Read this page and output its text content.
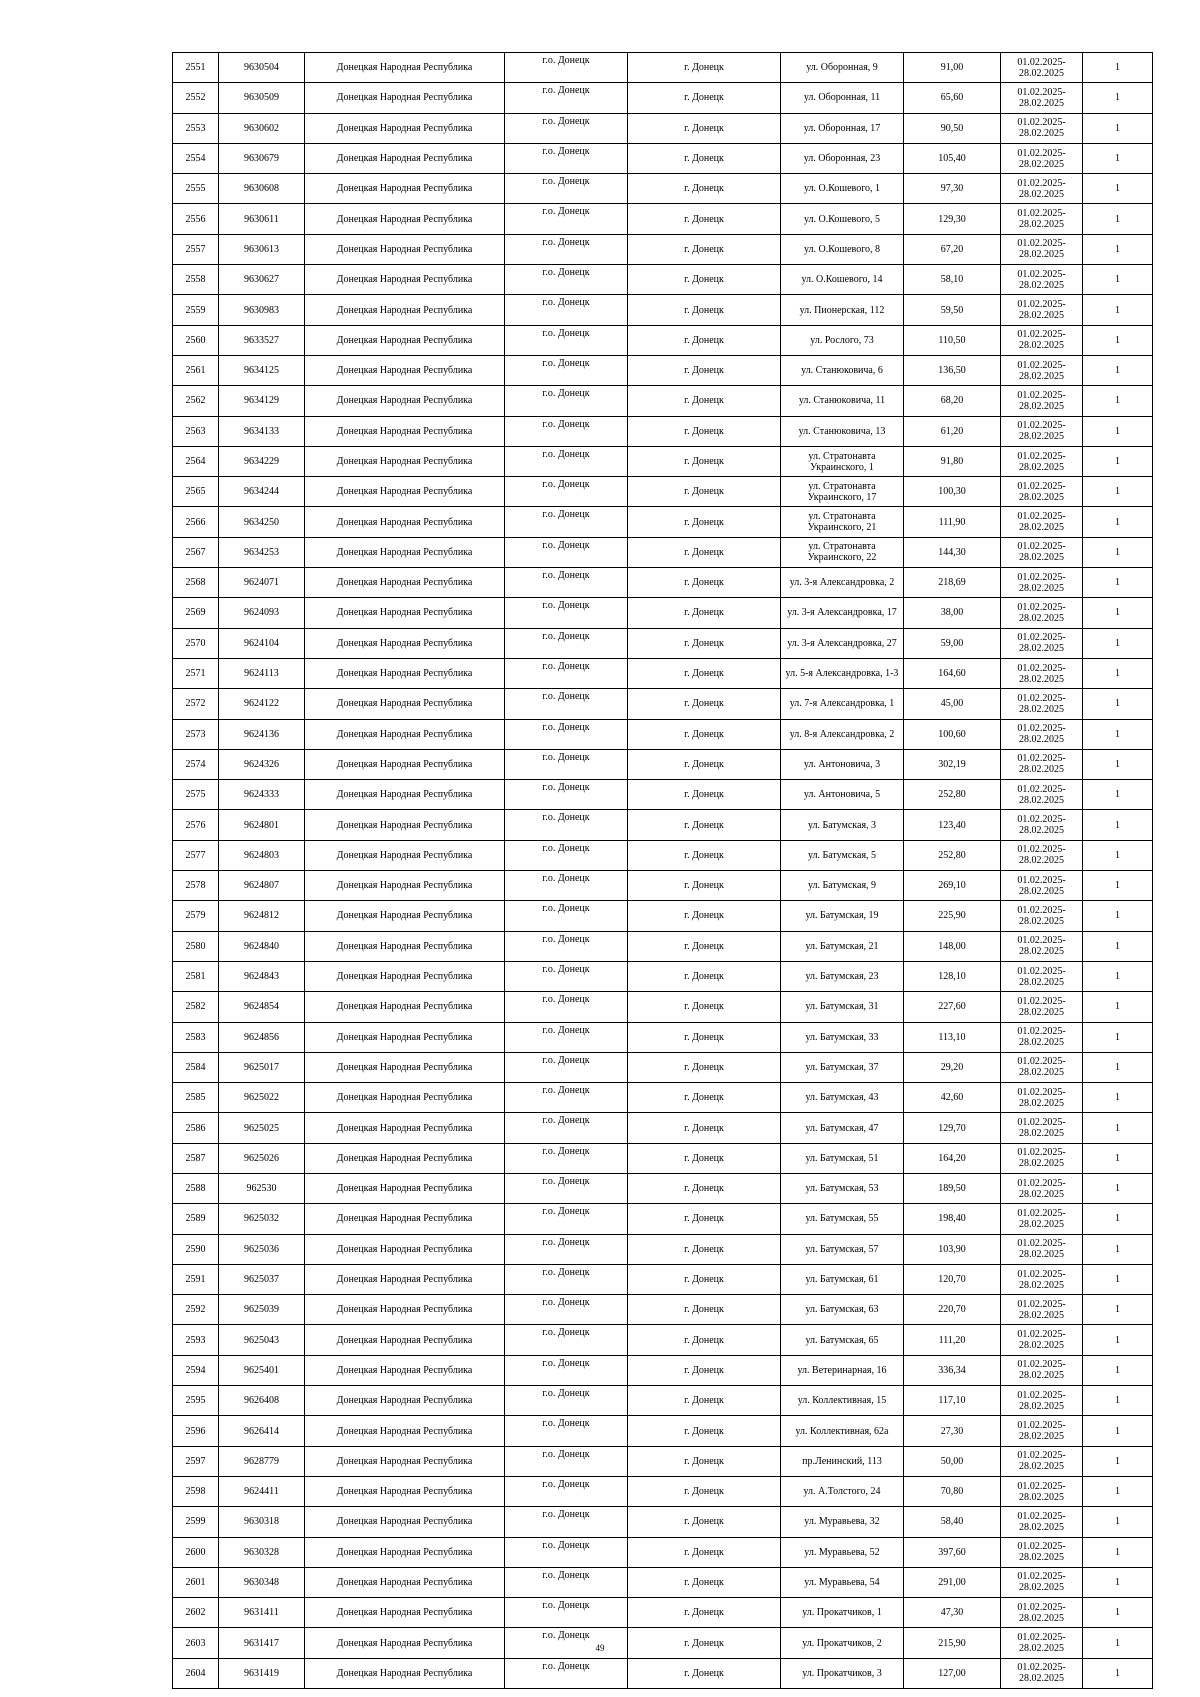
2551	9630504	Донецкая Народная Республика	г.о. Донецк	г. Донецк	ул. Оборонная, 9	91,00	01.02.2025-28.02.2025	1
2552	9630509	Донецкая Народная Республика	г.о. Донецк	г. Донецк	ул. Оборонная, 11	65,60	01.02.2025-28.02.2025	1
2553	9630602	Донецкая Народная Республика	г.о. Донецк	г. Донецк	ул. Оборонная, 17	90,50	01.02.2025-28.02.2025	1
2554	9630679	Донецкая Народная Республика	г.о. Донецк	г. Донецк	ул. Оборонная, 23	105,40	01.02.2025-28.02.2025	1
2555	9630608	Донецкая Народная Республика	г.о. Донецк	г. Донецк	ул. О.Кошевого, 1	97,30	01.02.2025-28.02.2025	1
2556	9630611	Донецкая Народная Республика	г.о. Донецк	г. Донецк	ул. О.Кошевого, 5	129,30	01.02.2025-28.02.2025	1
2557	9630613	Донецкая Народная Республика	г.о. Донецк	г. Донецк	ул. О.Кошевого, 8	67,20	01.02.2025-28.02.2025	1
2558	9630627	Донецкая Народная Республика	г.о. Донецк	г. Донецк	ул. О.Кошевого, 14	58,10	01.02.2025-28.02.2025	1
2559	9630983	Донецкая Народная Республика	г.о. Донецк	г. Донецк	ул. Пионерская, 112	59,50	01.02.2025-28.02.2025	1
2560	9633527	Донецкая Народная Республика	г.о. Донецк	г. Донецк	ул. Рослого, 73	110,50	01.02.2025-28.02.2025	1
2561	9634125	Донецкая Народная Республика	г.о. Донецк	г. Донецк	ул. Станюковича, 6	136,50	01.02.2025-28.02.2025	1
2562	9634129	Донецкая Народная Республика	г.о. Донецк	г. Донецк	ул. Станюковича, 11	68,20	01.02.2025-28.02.2025	1
2563	9634133	Донецкая Народная Республика	г.о. Донецк	г. Донецк	ул. Станюковича, 13	61,20	01.02.2025-28.02.2025	1
2564	9634229	Донецкая Народная Республика	г.о. Донецк	г. Донецк	ул. Стратонавта Украинского, 1	91,80	01.02.2025-28.02.2025	1
2565	9634244	Донецкая Народная Республика	г.о. Донецк	г. Донецк	ул. Стратонавта Украинского, 17	100,30	01.02.2025-28.02.2025	1
2566	9634250	Донецкая Народная Республика	г.о. Донецк	г. Донецк	ул. Стратонавта Украинского, 21	111,90	01.02.2025-28.02.2025	1
2567	9634253	Донецкая Народная Республика	г.о. Донецк	г. Донецк	ул. Стратонавта Украинского, 22	144,30	01.02.2025-28.02.2025	1
2568	9624071	Донецкая Народная Республика	г.о. Донецк	г. Донецк	ул. 3-я Александровка, 2	218,69	01.02.2025-28.02.2025	1
2569	9624093	Донецкая Народная Республика	г.о. Донецк	г. Донецк	ул. 3-я Александровка, 17	38,00	01.02.2025-28.02.2025	1
2570	9624104	Донецкая Народная Республика	г.о. Донецк	г. Донецк	ул. 3-я Александровка, 27	59,00	01.02.2025-28.02.2025	1
2571	9624113	Донецкая Народная Республика	г.о. Донецк	г. Донецк	ул. 5-я Александровка, 1-3	164,60	01.02.2025-28.02.2025	1
2572	9624122	Донецкая Народная Республика	г.о. Донецк	г. Донецк	ул. 7-я Александровка, 1	45,00	01.02.2025-28.02.2025	1
2573	9624136	Донецкая Народная Республика	г.о. Донецк	г. Донецк	ул. 8-я Александровка, 2	100,60	01.02.2025-28.02.2025	1
2574	9624326	Донецкая Народная Республика	г.о. Донецк	г. Донецк	ул. Антоновича, 3	302,19	01.02.2025-28.02.2025	1
2575	9624333	Донецкая Народная Республика	г.о. Донецк	г. Донецк	ул. Антоновича, 5	252,80	01.02.2025-28.02.2025	1
2576	9624801	Донецкая Народная Республика	г.о. Донецк	г. Донецк	ул. Батумская, 3	123,40	01.02.2025-28.02.2025	1
2577	9624803	Донецкая Народная Республика	г.о. Донецк	г. Донецк	ул. Батумская, 5	252,80	01.02.2025-28.02.2025	1
2578	9624807	Донецкая Народная Республика	г.о. Донецк	г. Донецк	ул. Батумская, 9	269,10	01.02.2025-28.02.2025	1
2579	9624812	Донецкая Народная Республика	г.о. Донецк	г. Донецк	ул. Батумская, 19	225,90	01.02.2025-28.02.2025	1
2580	9624840	Донецкая Народная Республика	г.о. Донецк	г. Донецк	ул. Батумская, 21	148,00	01.02.2025-28.02.2025	1
2581	9624843	Донецкая Народная Республика	г.о. Донецк	г. Донецк	ул. Батумская, 23	128,10	01.02.2025-28.02.2025	1
2582	9624854	Донецкая Народная Республика	г.о. Донецк	г. Донецк	ул. Батумская, 31	227,60	01.02.2025-28.02.2025	1
2583	9624856	Донецкая Народная Республика	г.о. Донецк	г. Донецк	ул. Батумская, 33	113,10	01.02.2025-28.02.2025	1
2584	9625017	Донецкая Народная Республика	г.о. Донецк	г. Донецк	ул. Батумская, 37	29,20	01.02.2025-28.02.2025	1
2585	9625022	Донецкая Народная Республика	г.о. Донецк	г. Донецк	ул. Батумская, 43	42,60	01.02.2025-28.02.2025	1
2586	9625025	Донецкая Народная Республика	г.о. Донецк	г. Донецк	ул. Батумская, 47	129,70	01.02.2025-28.02.2025	1
2587	9625026	Донецкая Народная Республика	г.о. Донецк	г. Донецк	ул. Батумская, 51	164,20	01.02.2025-28.02.2025	1
2588	962530	Донецкая Народная Республика	г.о. Донецк	г. Донецк	ул. Батумская, 53	189,50	01.02.2025-28.02.2025	1
2589	9625032	Донецкая Народная Республика	г.о. Донецк	г. Донецк	ул. Батумская, 55	198,40	01.02.2025-28.02.2025	1
2590	9625036	Донецкая Народная Республика	г.о. Донецк	г. Донецк	ул. Батумская, 57	103,90	01.02.2025-28.02.2025	1
2591	9625037	Донецкая Народная Республика	г.о. Донецк	г. Донецк	ул. Батумская, 61	120,70	01.02.2025-28.02.2025	1
2592	9625039	Донецкая Народная Республика	г.о. Донецк	г. Донецк	ул. Батумская, 63	220,70	01.02.2025-28.02.2025	1
2593	9625043	Донецкая Народная Республика	г.о. Донецк	г. Донецк	ул. Батумская, 65	111,20	01.02.2025-28.02.2025	1
2594	9625401	Донецкая Народная Республика	г.о. Донецк	г. Донецк	ул. Ветеринарная, 16	336,34	01.02.2025-28.02.2025	1
2595	9626408	Донецкая Народная Республика	г.о. Донецк	г. Донецк	ул. Коллективная, 15	117,10	01.02.2025-28.02.2025	1
2596	9626414	Донецкая Народная Республика	г.о. Донецк	г. Донецк	ул. Коллективная, 62а	27,30	01.02.2025-28.02.2025	1
2597	9628779	Донецкая Народная Республика	г.о. Донецк	г. Донецк	пр.Ленинский, 113	50,00	01.02.2025-28.02.2025	1
2598	9624411	Донецкая Народная Республика	г.о. Донецк	г. Донецк	ул. А.Толстого, 24	70,80	01.02.2025-28.02.2025	1
2599	9630318	Донецкая Народная Республика	г.о. Донецк	г. Донецк	ул. Муравьева, 32	58,40	01.02.2025-28.02.2025	1
2600	9630328	Донецкая Народная Республика	г.о. Донецк	г. Донецк	ул. Муравьева, 52	397,60	01.02.2025-28.02.2025	1
2601	9630348	Донецкая Народная Республика	г.о. Донецк	г. Донецк	ул. Муравьева, 54	291,00	01.02.2025-28.02.2025	1
2602	9631411	Донецкая Народная Республика	г.о. Донецк	г. Донецк	ул. Прокатчиков, 1	47,30	01.02.2025-28.02.2025	1
2603	9631417	Донецкая Народная Республика	г.о. Донецк	г. Донецк	ул. Прокатчиков, 2	215,90	01.02.2025-28.02.2025	1
2604	9631419	Донецкая Народная Республика	г.о. Донецк	г. Донецк	ул. Прокатчиков, 3	127,00	01.02.2025-28.02.2025	1
49
